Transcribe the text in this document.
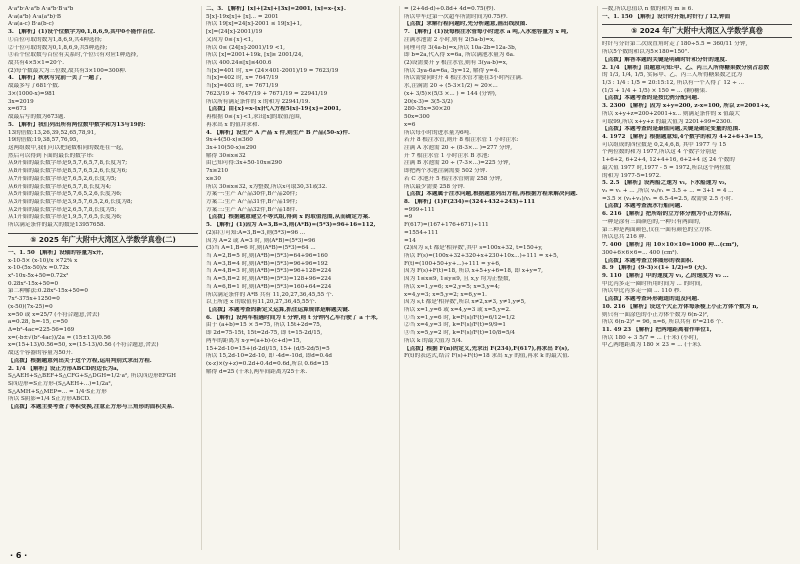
A·a²b·A·a²b A·a²b·B·a²b

A·a(a²b) A·a(a²b)·B

A·a(a-c) B·a(b-c)

3. 【解析】(1)设个位数字为0,1,8,6,9,其中0不能作百位.

①百位可取的数为1,8,6,9,共4种选择;

②十位可取的数为0,1,8,6,9,共5种选择;

③若个位取数与百位有关系时,个位只有对应1种选择,

故共有4×5×1=20个.

(2)每个数最大为三位数,故共有3×100=300种.

4. 【解析】秋秋写完前一页了一题了,

故最多写了681个数.

3×(1000-x)=981

3x=2019

x=673

故最后写的数为673题.

5. 【解析】我们列出所有两位数中数字和为13与19的:

13的倍数:13,26,39,52,65,78,91,

19的倍数:19,38,57,76,95,

这两组数中,我们可以把尾数相同的数连在一起,

然后可以得到下面的最长的数字串:

从9开始的最长数字串是9,5,7,6,5,7,8,长度为7;

从8开始的最长数字串是8,5,7,6,5,2,6,长度为6;

从7开始的最长数字串是7,6,5,2,6,长度为5;

从6开始的最长数字串是6,5,7,8,长度为4;

从5开始的最长数字串是5,7,6,5,2,6,长度为6;

从3开始的最长数字串是3,9,5,7,6,5,2,6,长度为8;

从2开始的最长数字串是2,6,5,7,8,长度为5;

从1开始的最长数字串是1,9,5,7,6,5,长度为6;

所以满足条件的最大的数是13957658.

⑤ 2025 年广大附中大湾区入学数学真卷(二)

一、1. 50 【解析】设轴的容量为x升,

x-10-5× (x-10)/x ×72% x

x-10-(5x-50)/x =0.72x

x²-10x-5x+50=0.72x²

0.28x²-15x+50=0

第二种解法:0.28x²-15x+50=0

7x²-375x+1250=0

(x-50)(7x-25)=0

x=50 或 x=25/7 (不符合题意,舍去)

a=0.28, b=-15, c=50

Δ=b²-4ac=225-56=169

x=(-b±√(b²-4ac))/2a = (15±13)/0.56

x=(15+13)/0.56=50, x=(15-13)/0.56 (不符合题意,舍去)

故这个容器的容量为50升.

【点拨】根据题意列出关于这个方程,运用判别式求出方程.

2. 1/4 【解析】设正方形ABCD的边长为a,

S△AEH+S△BEF+S△CFG+S△DGH=1/2·a², 所以四边形EFGH

S四边形=S正方形-(S△AEH+...)=1/2a²,

S△AMH+S△MEP=... = 1/4·S正方形

所以 S阴影=1/4 S正方形ABCD.

【点拨】本题主要考查了等积变换,注意正方形与三角形的面积关系.

二、3. 【解析】[x]+[2x]+[3x]=2001, [x]=x-{x}.

5[x]-19x[x]+ [x]... = 2001

所以 19[x]=24[x]-2001 ≤ 19[x]+1,

[x]=(24[x]-2001)/19

又因为 0≤{x}<1,

所以 0≤ (24[x]-2001)/19 <1,

所以 [x]=2001+19k, [x]≥ 2001/24,

所以 400.24≤[x]≤400.6

当[x]=401 时, x= (24×401-2001)/19 = 7623/19

当[x]=402 时, x= 7647/19

当[x]=403 时, x= 7671/19

7623/19 + 7647/19 + 7671/19 = 22941/19

所以所有满足条件的 x 的和为 22941/19.

【点拨】由{x}=x-[x]代入方程5[x]-19{x}=2001,

再根据 0≤{x}<1,求出[x]的取值范围,

再求出 x 的值并求和.

4. 【解析】设生产 A 产品 x 件,则生产 B 产品(50-x)件.

9x+4(50-x)≤360

3x+10(50-x)≤290

解得 30≤x≤32

由已知可得:3x+50-10x≤290

7x≥210

x≥30

所以 30≤x≤32, x为整数,所以x可取30,31或32.

方案一:生产 A产品30件,B产品20件;

方案二:生产 A产品31件,B产品19件;

方案三:生产 A产品32件,B产品18件.

【点拨】根据题意建立不等式组,得到 x 的取值范围,从而确定方案.

5. 【解析】(1)因为 A=3,B=3,则(A*B)=(5*3)=96+16=112,

(2)由①可知:A=3,B=3,则(5*3)=96 ...

因为 A=2 或 A=3 时, 则(A*B)=(5*3)=96

(3)当 A=1,B=6 时,则(A*B)=(5*3)=64 ...

当 A=2,B=5 时,则(A*B)=(5*3)=64+96=160

当 A=3,B=4 时,则(A*B)=(5*3)=96+96=192

当 A=4,B=3 时,则(A*B)=(5*3)=96+128=224

当 A=5,B=2 时,则(A*B)=(5*3)=128+96=224

当 A=6,B=1 时,则(A*B)=(5*3)=160+64=224

所以满足条件的 A*B 共有 11,20,27,36,45,55 个.

以上所述 x 的取值有11,20,27,36,45,55个.

【点拨】本题考查的新定义运算,抓住运算规律是解题关键.

6. 【解析】设两车相遇时间为 t 分钟,则 t 分钟内乙车行驶了 a 千米,

由于 (a+b)=15 × 5=75, 所以 15t+2d=75,

即 2d=75-15t, 15t=2d-75, 即 t=15-2d/15,

两车的距离为 x-y=(a+b)-(c+d)=15,

15+2d-10=15+(d-2d)/15, 15+ (d/5-2d/5)=5

所以 15,2d-10=2d-10, 即 -4d=-10d, 即d=0.4d

(x-z)×(y+z)=0.2d+0.4d=0.6d,所以 0.6d=15

解得 d=25 (千米),两车间距离为25千米.

= (2+4d-d)÷0.8d+ 4d=0.75(秒).

所以甲车过第一次超车所需时间为0.75秒.

【点拨】求解行程问题时,先分析题意,画出线段图.

7. 【解析】(1)设每根注水管每小时进水 a 吨,入水池容量为 x 吨,

注满水池需 2 小时,则有 2(5a-b)=x,

同理可得 3(4a-b)=x,所以 10a-2b=12a-3b,

即 b=2a,代入得 x=6a, 所以满池水量为 6a.

(2)设需要开 y 根注水管,则有 3(ya-b)=x,

所以 3ya-6a=6a, 3y=12, 解得 y=4.

所以需要同时开 4 根注水管才能在3小时内注满.

水,注满需 20 ÷ (5-3×1/2) ≈ 20×...

(x+ 3/5)×(5/3 ×... ) = 144 (分钟),

20(x-3)= 3(5-3/2)

280-35x=30×20

50x=300

x=6

所以每小时的进水量为6吨.

若开 8 根注水管,则开 8 根注水管 1 小时注水:

注满 A 水池需 20 ÷ (8-3×... )=277 分钟,

开 7 根注水管 1 小时注水 B 水池:

注满 B 水池需 20 ÷ (7-3×...)=225 分钟,

即把两个水池注满需要 502 分钟.

若 C 水池开 5 根注水管则需 258 分钟,

所以最少需要 258 分钟.

【点拨】本题属于注水问题,根据题意列出方程,再根据方程来解决问题.

8. 【解析】(1)F(234)=(324+432+243)÷111

=999÷111

=9

F(617)=(167+176+671)÷111

=1554÷111

=14

(2)因为 s,t 都是'相异数',其中 s=100x+32, t=150+y,

所以 F(s)=(100x+32+320+x+230+10x...)÷111 = x+5,

F(t)=(100+50+y+...)÷111 = y+6,

因为 F(s)+F(t)=18, 所以 x+5+y+6=18, 即 x+y=7,

因为 1≤x≤9, 1≤y≤9, 且 x,y 均为正整数,

所以 x=1,y=6; x=2,y=5; x=3,y=4;

x=4,y=3; x=5,y=2; x=6,y=1.

因为 s,t 都是'相异数',所以 x≠2,x≠3, y≠1,y≠5,

所以 x=1,y=6 或 x=4,y=3 或 x=5,y=2.

①当 x=1,y=6 时, k=F(s)/F(t)=6/12=1/2

②当 x=4,y=3 时, k=F(s)/F(t)=9/9=1

③当 x=5,y=2 时, k=F(s)/F(t)=10/8=5/4

所以 k 的最大值为 5/4.

【点拨】根据 F(n)的定义,先求出 F(234),F(617),再求出 F(s),

F(t)的表达式,结合 F(s)+F(t)=18 求出 x,y 的值,再求 k 的最大值.

—数,所以总值以 n 数的和为 m ≥ 6.

一、1. 150 【解析】设计时开始,时针行了12,钟面

⑤ 2024 年广大附中大湾区入学数学真卷

时针与分针第二次成直角时走了180÷5.5 = 360/11 分钟,

所以5个数的和以为5×180=150°.

【点拨】解答本题的关键是明确时针和分针的速度.

2. 1/4 【解析】由题意可知:甲、乙、丙三人所得糖果数分别占总数

的 1/3, 1/4, 1/5, 实际甲、乙、丙三人所得糖果数之比为

1/3 : 1/4 : 1/5 = 20:15:12, 所以有一个人得了 12 ÷ ...

(1/3 + 1/4 + 1/5) × 150 = ... (颗)糖果.

【点拨】本题考查的是按比例分配问题.

3. 2300 【解析】因为 x+y=200, z-x=100, 所以 z=2001+x,

所以 x+y+z=200+2001+x... 则满足条件的 x 值最大

可取99,所以 x+y+z 的最大值为 2201+99=2300.

【点拨】本题考查的是最值问题,关键是确定变量的范围.

4. 1972 【解析】根据题意知,4个数字的和为 4+2+6+3=15,

可以组成的四位数是 0,2,4,6,8, 其中 1977 与 15

个两位数的和为 1977,所以这 4 个数字分别是

1+6+2, 6+2+4, 12+4+16, 6+2+4 这 24 个数的

最大值 1977 时,1977 - 5 = 1972,所以这个两位数

的和为 1977-5=1972.

5. 2.5 【解析】设两船之速为 v₁, 下水船速为 v₂,

v₂ = v₁ + ... ,所以 v₂/v₁ = 3.5 ÷ ... = 3+1 = 4 ...

=3.5 × (v₂+v₁)/v₁ = 6.5-4=2.5, 故需要 2.5 小时.

【点拨】本题考查流水行船问题.

6. 216 【解析】把所给的立方体分割为小正方体后,

一种是涂有三面颜色的,一种只有两面的,

第三种是两面颜色,仅在一面有颜色的立方体.

所以总共 216 种.

7. 400 【解析】用 10×10×10=1000 种...(cm²),

300+6×6×6=... 400 (cm²).

【点拨】本题考查立体图形的表面积.

8. 9 【解析】(9-3)×(1+ 1/2)=9 (天).

9. 110 【解析】甲的速度为 v₁, 乙的速度为 v₂ ...

甲比丙多走一圈时所用时间为 ... 的时间,

所以甲比丙多走一圈 ... 110 秒.

【点拨】本题考查环形跑道的追及问题.

10. 216 【解析】设这个大正方体每条棱上小正方体个数为 n,

则只有一面涂色的小正方体个数为 6(n-2)²,

所以 6(n-2)² = 96, n=6, 所以共有 6³=216 个.

11. 49 23 【解析】把两地距离看作单位1,

所以 180 ÷ 3 5/7 = ... (千米) (小时),

甲乙两地距离为 180 × 23 = ... (千米).

· 6 ·
